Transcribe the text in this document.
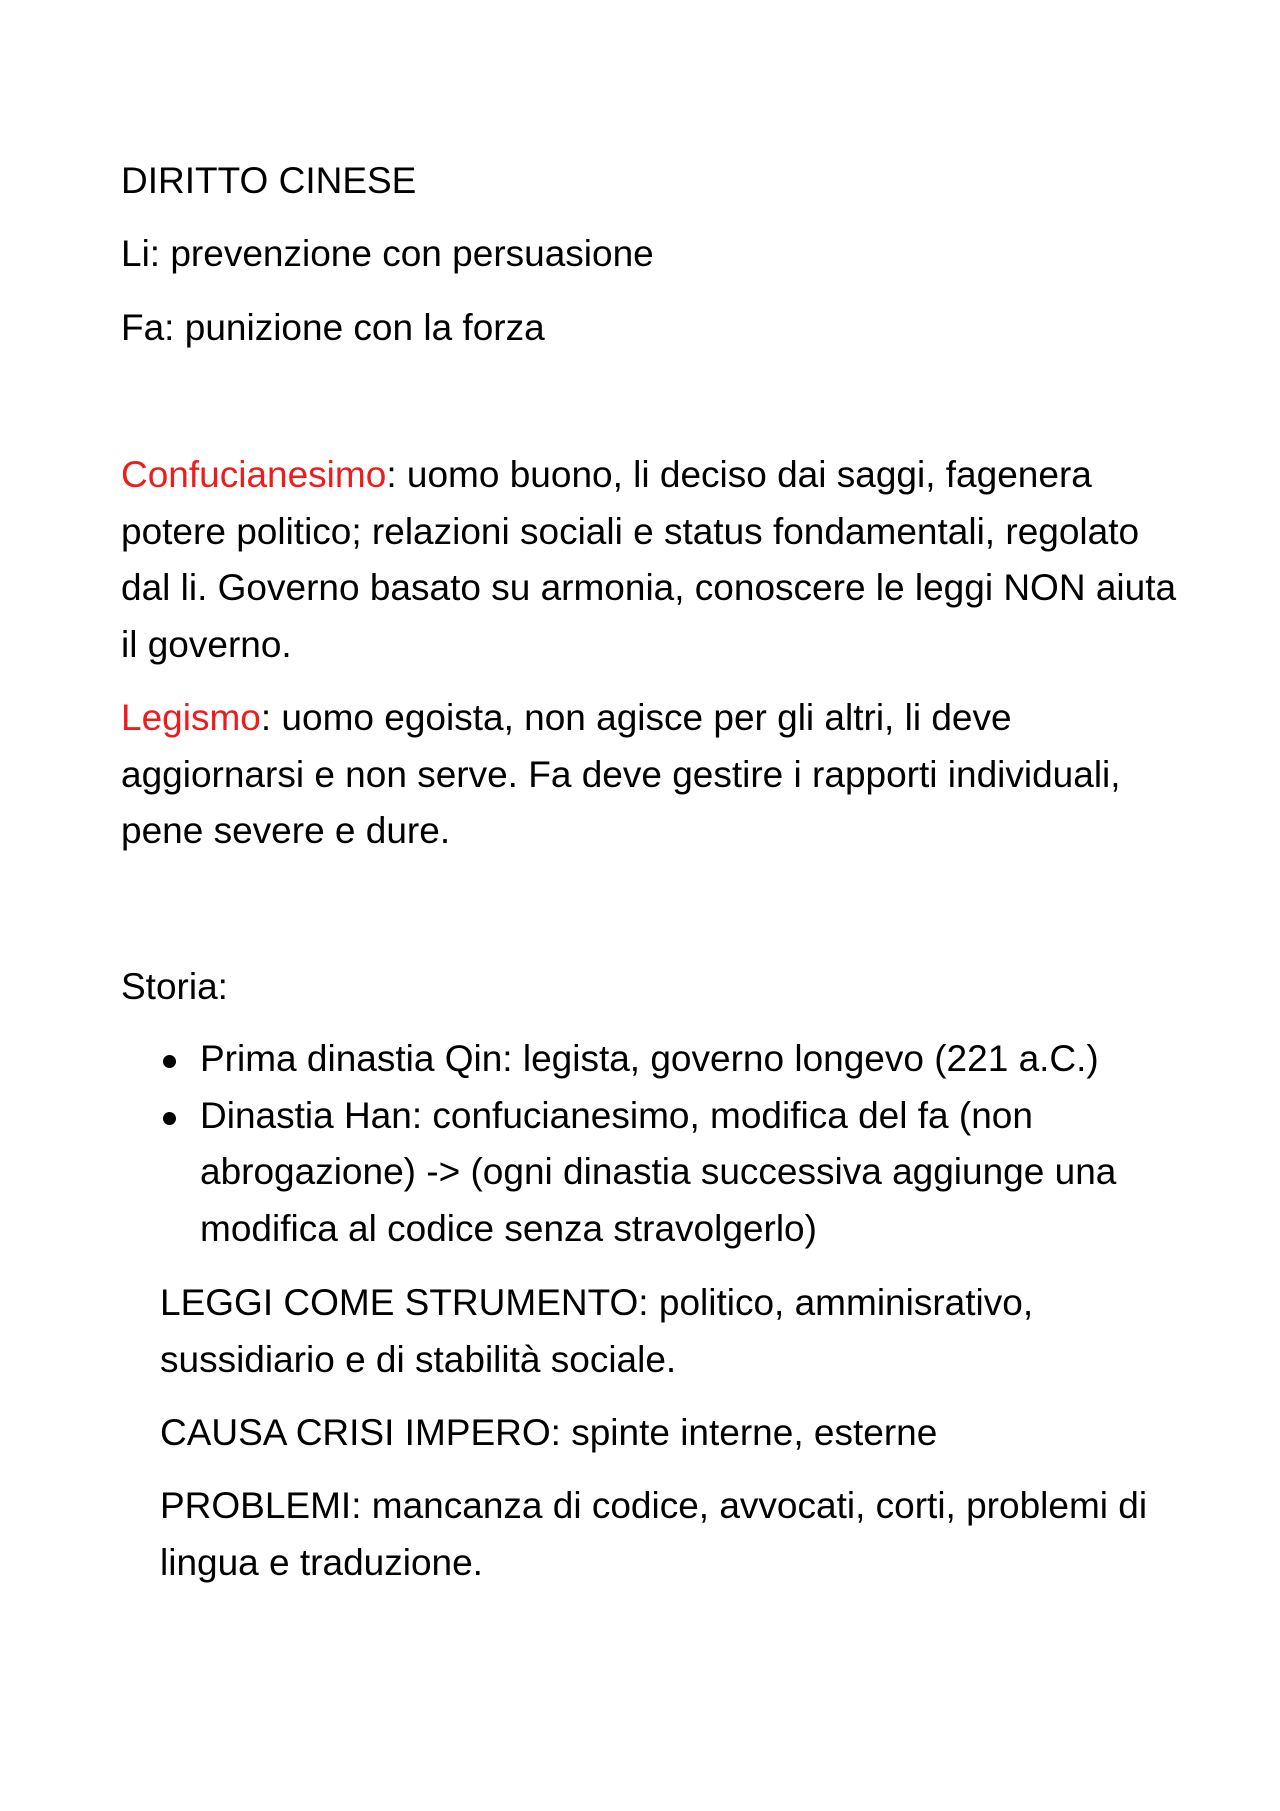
DIRITTO CINESE
Li: prevenzione con persuasione
Fa: punizione con la forza
Confucianesimo: uomo buono, li deciso dai saggi, fagenera potere politico; relazioni sociali e status fondamentali, regolato dal li. Governo basato su armonia, conoscere le leggi NON aiuta il governo.
Legismo: uomo egoista, non agisce per gli altri, li deve aggiornarsi e non serve. Fa deve gestire i rapporti individuali, pene severe e dure.
Storia:
Prima dinastia Qin: legista, governo longevo (221 a.C.)
Dinastia Han: confucianesimo, modifica del fa (non abrogazione) -> (ogni dinastia successiva aggiunge una modifica al codice senza stravolgerlo)
LEGGI COME STRUMENTO: politico, amminisrativo, sussidiario e di stabilità sociale.
CAUSA CRISI IMPERO: spinte interne, esterne
PROBLEMI: mancanza di codice, avvocati, corti, problemi di lingua e traduzione.
